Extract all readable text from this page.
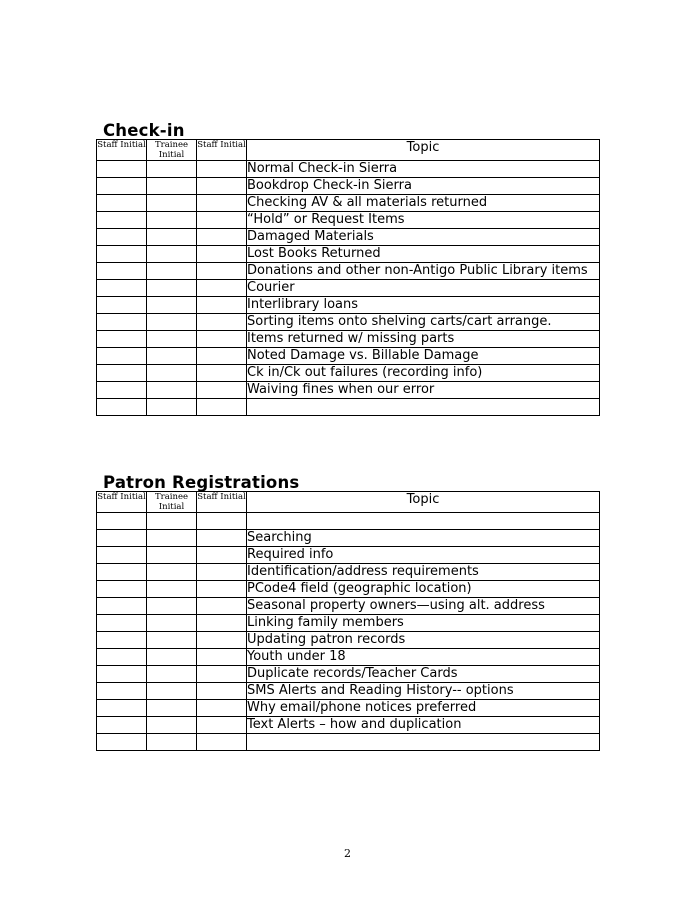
Check-in
Staff Initial	Trainee Initial	Staff Initial	Topic
			Normal Check-in Sierra
			Bookdrop Check-in Sierra
			Checking AV & all materials returned
			“Hold” or Request Items
			Damaged Materials
			Lost Books Returned
			Donations and other non-Antigo Public Library items
			Courier
			Interlibrary loans
			Sorting items onto shelving carts/cart arrange.
			Items returned w/ missing parts
			Noted Damage vs. Billable Damage
			Ck in/Ck out failures (recording info)
			Waiving fines when our error

Patron Registrations
Staff Initial	Trainee Initial	Staff Initial	Topic

			Searching
			Required info
			Identification/address requirements
			PCode4 field (geographic location)
			Seasonal property owners—using alt. address
			Linking family members
			Updating patron records
			Youth under 18
			Duplicate records/Teacher Cards
			SMS Alerts and Reading History-- options
			Why email/phone notices preferred
			Text Alerts – how and duplication

2
